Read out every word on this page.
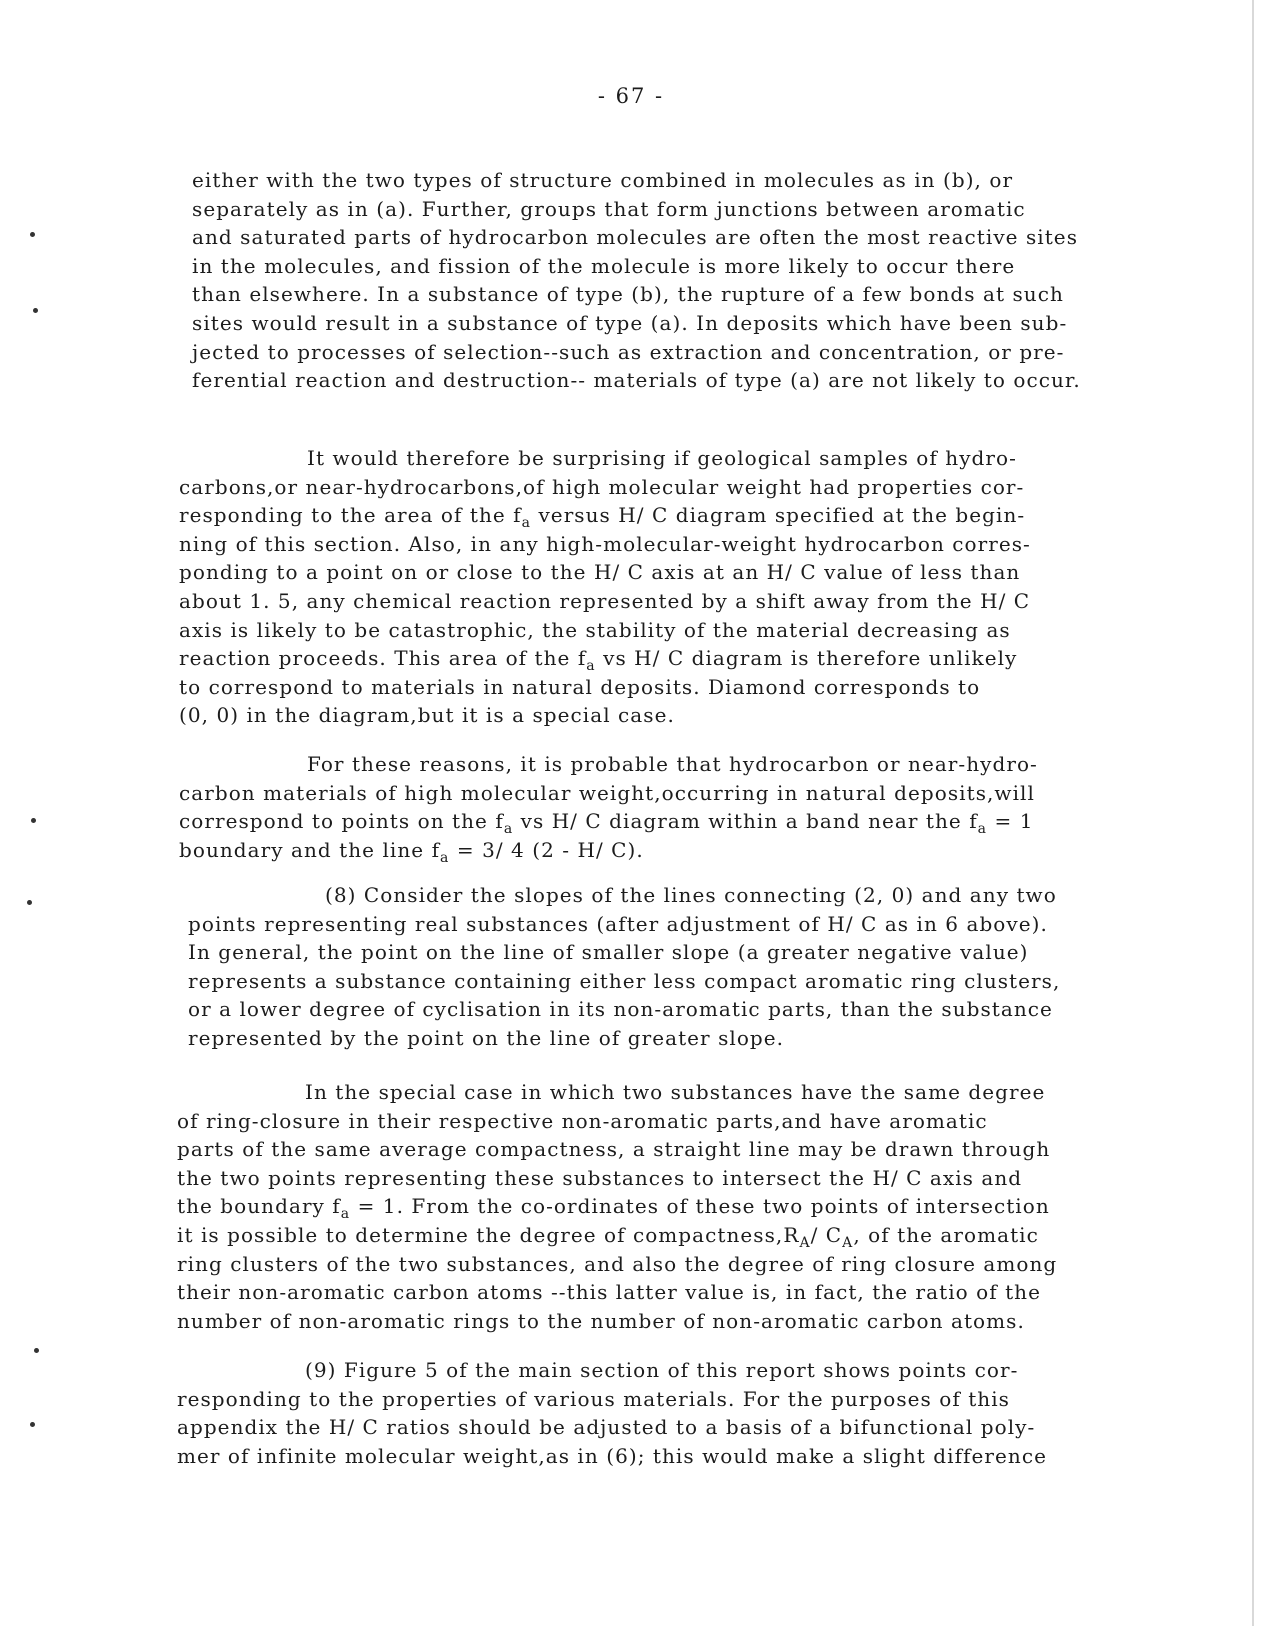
- 67 -
either with the two types of structure combined in molecules as in (b), or
separately as in (a). Further, groups that form junctions between aromatic
and saturated parts of hydrocarbon molecules are often the most reactive sites
in the molecules, and fission of the molecule is more likely to occur there
than elsewhere. In a substance of type (b), the rupture of a few bonds at such
sites would result in a substance of type (a). In deposits which have been sub-
jected to processes of selection--such as extraction and concentration, or pre-
ferential reaction and destruction-- materials of type (a) are not likely to occur.
It would therefore be surprising if geological samples of hydro-
carbons,or near-hydrocarbons,of high molecular weight had properties cor-
responding to the area of the $f_a$ versus H/ C diagram specified at the begin-
ning of this section. Also, in any high-molecular-weight hydrocarbon corres-
ponding to a point on or close to the H/ C axis at an H/ C value of less than
about 1. 5, any chemical reaction represented by a shift away from the H/ C
axis is likely to be catastrophic, the stability of the material decreasing as
reaction proceeds. This area of the $f_a$ vs H/ C diagram is therefore unlikely
to correspond to materials in natural deposits. Diamond corresponds to
(0, 0) in the diagram,but it is a special case.
For these reasons, it is probable that hydrocarbon or near-hydro-
carbon materials of high molecular weight,occurring in natural deposits,will
correspond to points on the $f_a$ vs H/ C diagram within a band near the $f_a = 1$
boundary and the line $f_a = 3/$ 4 (2 - H/ C).
(8) Consider the slopes of the lines connecting (2, 0) and any two
points representing real substances (after adjustment of H/ C as in 6 above).
In general, the point on the line of smaller slope (a greater negative value)
represents a substance containing either less compact aromatic ring clusters,
or a lower degree of cyclisation in its non-aromatic parts, than the substance
represented by the point on the line of greater slope.
In the special case in which two substances have the same degree
of ring-closure in their respective non-aromatic parts,and have aromatic
parts of the same average compactness, a straight line may be drawn through
the two points representing these substances to intersect the H/ C axis and
the boundary $f_a = 1$. From the co-ordinates of these two points of intersection
it is possible to determine the degree of $compactness,R_A/$ $C_A$, of the aromatic
ring clusters of the two substances, and also the degree of ring closure among
their non-aromatic carbon atoms --this latter value is, in fact, the ratio of the
number of non-aromatic rings to the number of non-aromatic carbon atoms.
(9) Figure 5 of the main section of this report shows points cor-
responding to the properties of various materials. For the purposes of this
appendix the H/ C ratios should be adjusted to a basis of a bifunctional poly-
mer of infinite molecular weight,as in (6); this would make a slight difference
